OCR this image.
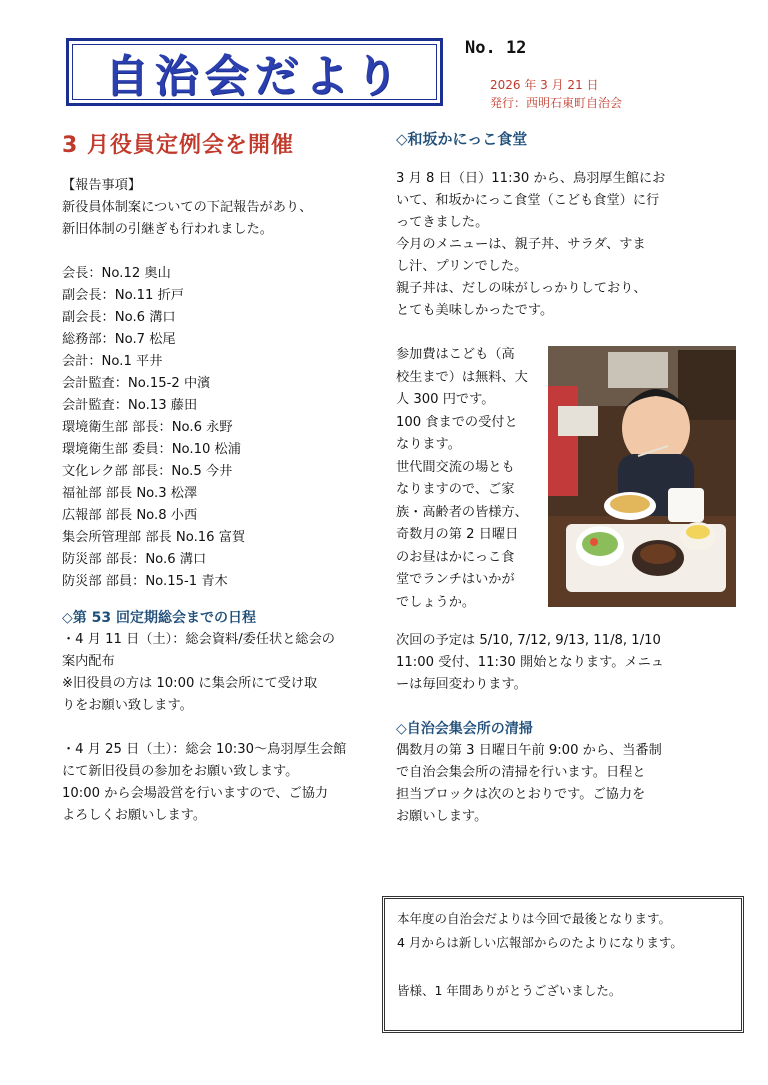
自治会だより
No. 12
2026 年 3 月 21 日
発行：西明石東町自治会
3 月役員定例会を開催

【報告事項】

新役員体制案についての下記報告があり、

新旧体制の引継ぎも行われました。

会長：No.12 奥山
副会長：No.11 折戸
副会長：No.6 溝口
総務部：No.7 松尾
会計：No.1 平井
会計監査：No.15-2 中濱
会計監査：No.13 藤田
環境衛生部 部長：No.6 永野
環境衛生部 委員：No.10 松浦
文化レク部 部長：No.5 今井
福祉部 部長 No.3 松澤
広報部 部長 No.8 小西
集会所管理部 部長 No.16 富賀
防災部 部長：No.6 溝口
防災部 部員：No.15-1 青木
◇第 53 回定期総会までの日程

・4 月 11 日（土）：総会資料/委任状と総会の

案内配布

※旧役員の方は 10:00 に集会所にて受け取

りをお願い致します。

・4 月 25 日（土）：総会 10:30～鳥羽厚生会館

にて新旧役員の参加をお願い致します。

10:00 から会場設営を行いますので、ご協力

よろしくお願いします。

◇和坂かにっこ食堂

3 月 8 日（日）11:30 から、鳥羽厚生館にお

いて、和坂かにっこ食堂（こども食堂）に行

ってきました。

今月のメニューは、親子丼、サラダ、すま

し汁、プリンでした。

親子丼は、だしの味がしっかりしており、

とても美味しかったです。

参加費はこども（高
校生まで）は無料、大
人 300 円です。
100 食までの受付と
なります。
世代間交流の場とも
なりますので、ご家
族・高齢者の皆様方、
奇数月の第 2 日曜日
のお昼はかにっこ食
堂でランチはいかが
でしょうか。

次回の予定は 5/10, 7/12, 9/13, 11/8, 1/10

11:00 受付、11:30 開始となります。メニュ

ーは毎回変わります。

◇自治会集会所の清掃

偶数月の第 3 日曜日午前 9:00 から、当番制

で自治会集会所の清掃を行います。日程と

担当ブロックは次のとおりです。ご協力を

お願いします。

本年度の自治会だよりは今回で最後となります。
4 月からは新しい広報部からのたよりになります。
皆様、1 年間ありがとうございました。
